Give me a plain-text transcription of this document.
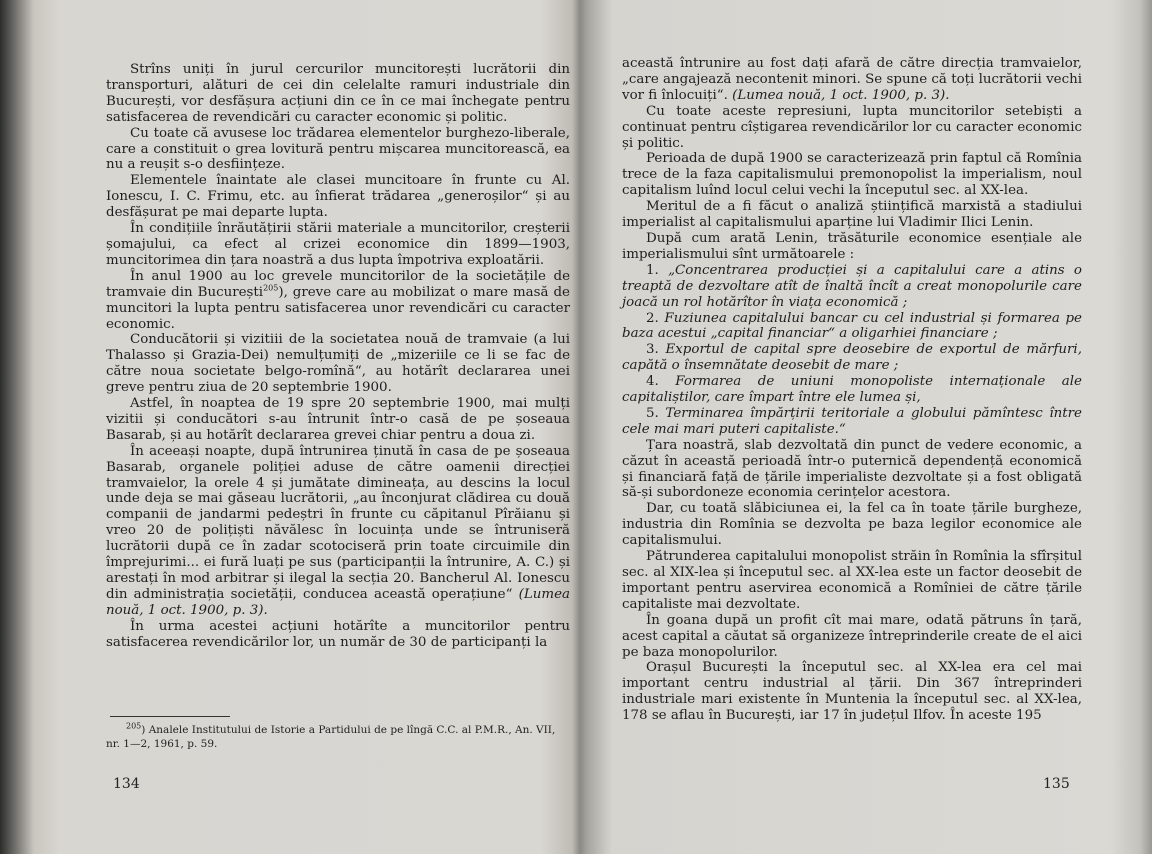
Strîns uniți în jurul cercurilor muncitorești lucrătorii din transporturi, alături de cei din celelalte ramuri industriale din București, vor desfășura acțiuni din ce în ce mai închegate pentru satisfacerea de revendicări cu caracter economic și politic.

Cu toate că avusese loc trădarea elementelor burghezo-liberale, care a constituit o grea lovitură pentru mișcarea muncitorească, ea nu a reușit s-o desființeze.

Elementele înaintate ale clasei muncitoare în frunte cu Al. Ionescu, I. C. Frimu, etc. au înfierat trădarea „generoșilor“ și au desfășurat pe mai departe lupta.

În condițiile înrăutățirii stării materiale a muncitorilor, creșterii șomajului, ca efect al crizei economice din 1899—1903, muncitorimea din țara noastră a dus lupta împotriva exploatării.

În anul 1900 au loc grevele muncitorilor de la societățile de tramvaie din București$^{205}$), greve care au mobilizat o mare masă de muncitori la lupta pentru satisfacerea unor revendicări cu caracter economic.

Conducătorii și vizitiii de la societatea nouă de tramvaie (a lui Thalasso și Grazia-Dei) nemulțumiți de „mizeriile ce li se fac de către noua societate belgo-romînă“, au hotărît declararea unei greve pentru ziua de 20 septembrie 1900.

Astfel, în noaptea de 19 spre 20 septembrie 1900, mai mulți vizitii și conducători s-au întrunit într-o casă de pe șoseaua Basarab, și au hotărît declararea grevei chiar pentru a doua zi.

În aceeași noapte, după întrunirea ținută în casa de pe șoseaua Basarab, organele poliției aduse de către oamenii direcției tramvaielor, la orele 4 și jumătate dimineața, au descins la locul unde deja se mai găseau lucrătorii, „au înconjurat clădirea cu două companii de jandarmi pedeștri în frunte cu căpitanul Pîrăianu și vreo 20 de polițiști năvălesc în locuința unde se întruniseră lucrătorii după ce în zadar scotociseră prin toate circuimile din împrejurimi... ei fură luați pe sus (participanții la întrunire, A. C.) și arestați în mod arbitrar și ilegal la secția 20. Bancherul Al. Ionescu din administrația societății, conducea această operațiune“ (Lumea nouă, 1 oct. 1900, p. 3).

În urma acestei acțiuni hotărîte a muncitorilor pentru satisfacerea revendicărilor lor, un număr de 30 de participanți la

$^{205}$) Analele Institutului de Istorie a Partidului de pe lîngă C.C. al P.M.R., An. VII, nr. 1—2, 1961, p. 59.
134

această întrunire au fost dați afară de către direcția tramvaielor, „care angajează necontenit minori. Se spune că toți lucrătorii vechi vor fi înlocuiți“. (Lumea nouă, 1 oct. 1900, p. 3).

Cu toate aceste represiuni, lupta muncitorilor setebiști a continuat pentru cîștigarea revendicărilor lor cu caracter economic și politic.

Perioada de după 1900 se caracterizează prin faptul că Romînia trece de la faza capitalismului premonopolist la imperialism, noul capitalism luînd locul celui vechi la începutul sec. al XX-lea.

Meritul de a fi făcut o analiză științifică marxistă a stadiului imperialist al capitalismului aparține lui Vladimir Ilici Lenin.

După cum arată Lenin, trăsăturile economice esențiale ale imperialismului sînt următoarele :

1. „Concentrarea producției și a capitalului care a atins o treaptă de dezvoltare atît de înaltă încît a creat monopolurile care joacă un rol hotărîtor în viața economică ;

2. Fuziunea capitalului bancar cu cel industrial și formarea pe baza acestui „capital financiar“ a oligarhiei financiare ;

3. Exportul de capital spre deosebire de exportul de mărfuri, capătă o însemnătate deosebit de mare ;

4. Formarea de uniuni monopoliste internaționale ale capitaliștilor, care împart între ele lumea și,

5. Terminarea împărțirii teritoriale a globului pămîntesc între cele mai mari puteri capitaliste.“

Țara noastră, slab dezvoltată din punct de vedere economic, a căzut în această perioadă într-o puternică dependență economică și financiară față de țările imperialiste dezvoltate și a fost obligată să-și subordoneze economia cerințelor acestora.

Dar, cu toată slăbiciunea ei, la fel ca în toate țările burgheze, industria din Romînia se dezvolta pe baza legilor economice ale capitalismului.

Pătrunderea capitalului monopolist străin în Romînia la sfîrșitul sec. al XIX-lea și începutul sec. al XX-lea este un factor deosebit de important pentru aservirea economică a Romîniei de către țările capitaliste mai dezvoltate.

În goana după un profit cît mai mare, odată pătruns în țară, acest capital a căutat să organizeze întreprinderile create de el aici pe baza monopolurilor.

Orașul București la începutul sec. al XX-lea era cel mai important centru industrial al țării. Din 367 întreprinderi industriale mari existente în Muntenia la începutul sec. al XX-lea, 178 se aflau în București, iar 17 în județul Ilfov. În aceste 195

135
